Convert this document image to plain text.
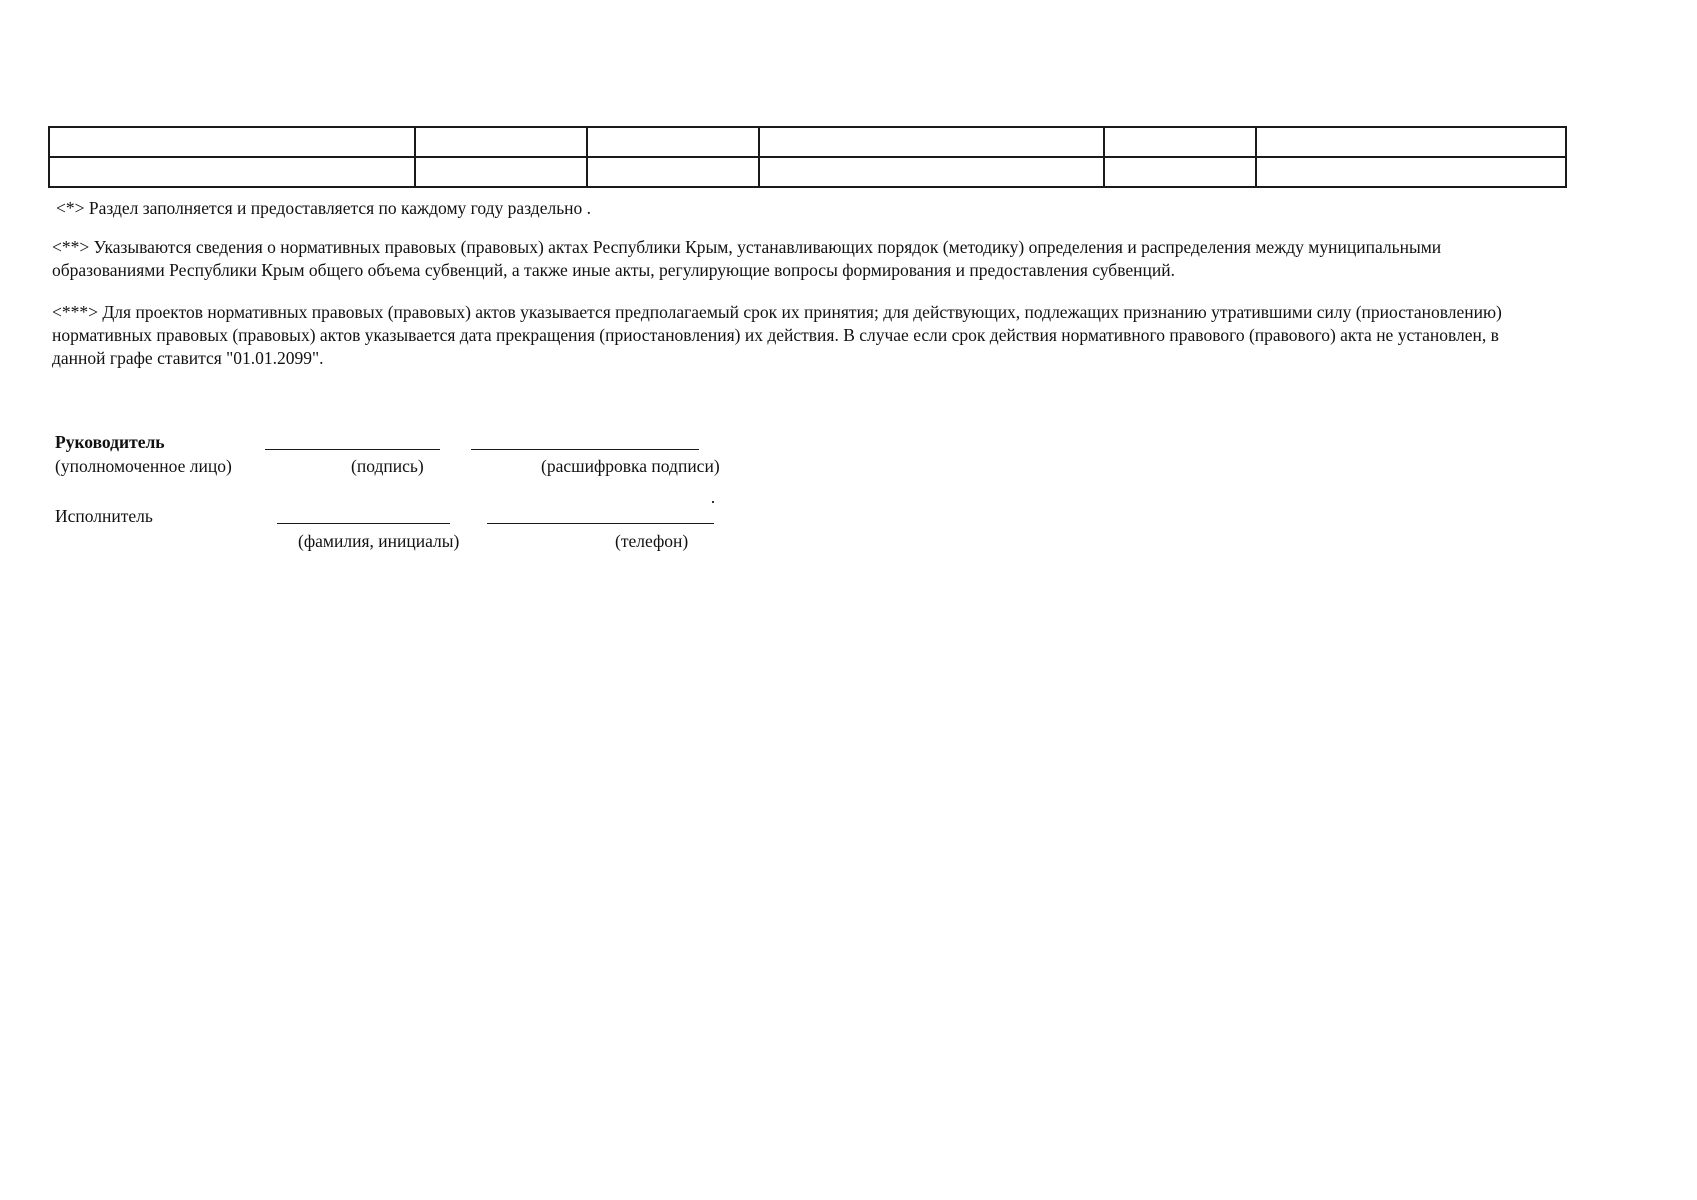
<*> Раздел заполняется и предоставляется по каждому году раздельно .

<**> Указываются сведения о нормативных правовых (правовых) актах Республики Крым, устанавливающих порядок (методику) определения и распределения между муниципальными образованиями Республики Крым общего объема субвенций, а также иные акты, регулирующие вопросы формирования и предоставления субвенций.

<***> Для проектов нормативных правовых (правовых) актов указывается предполагаемый срок их принятия; для действующих, подлежащих признанию утратившими силу (приостановлению) нормативных правовых (правовых) актов указывается дата прекращения (приостановления) их действия. В случае если срок действия нормативного правового (правового) акта не установлен, в данной графе ставится "01.01.2099".

Руководитель
(уполномоченное лицо)	(подпись)	(расшифровка подписи)
Исполнитель
(фамилия, инициалы)	(телефон)
